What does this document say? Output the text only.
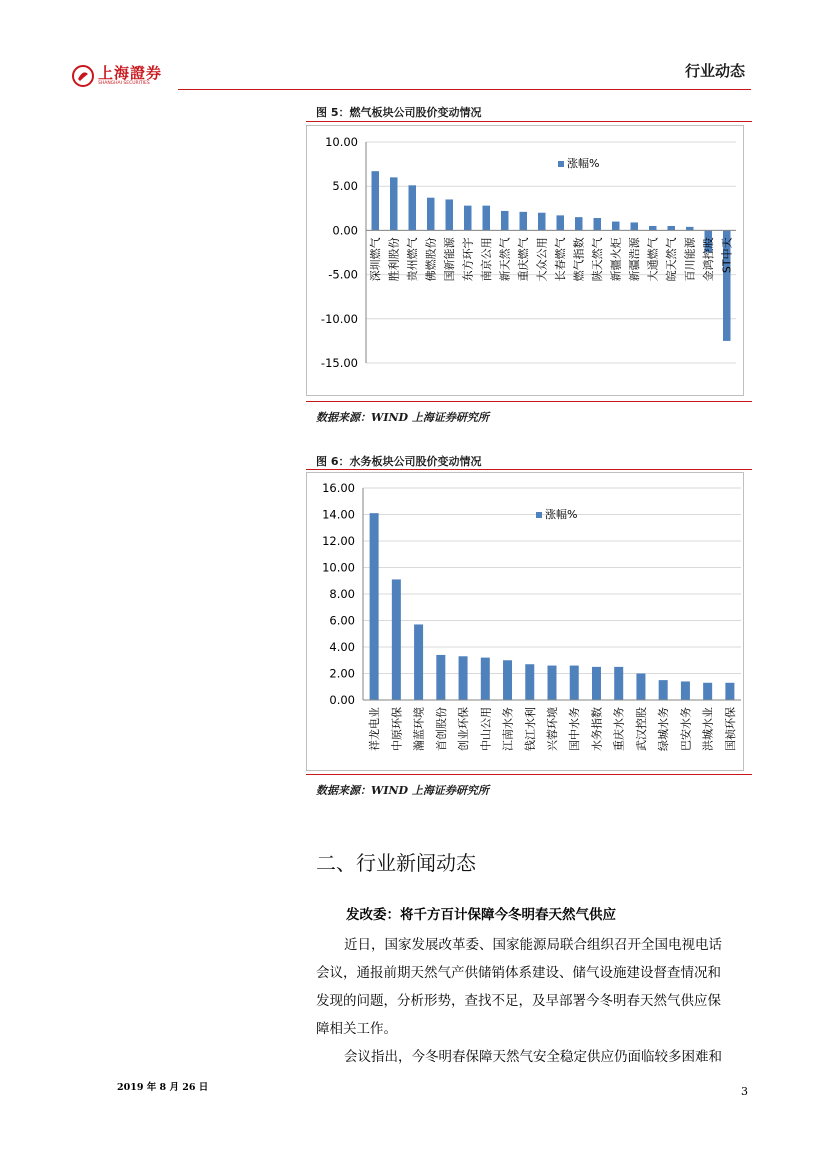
上海證券
SHANGHAI SECURITIES
行业动态
图 5：燃气板块公司股价变动情况
10.00
5.00
0.00
-5.00
-10.00
-15.00
深圳燃气 胜利股份 贵州燃气 佛燃股份 国新能源 东方环宇 南京公用 新天然气 重庆燃气 大众公用 长春燃气 燃气指数 陕天然气 新疆火炬 新疆浩源 大通燃气 皖天然气 百川能源 金鸿控股 ST中天
涨幅%
数据来源：WIND 上海证券研究所
图 6：水务板块公司股价变动情况
16.00
14.00
12.00
10.00
8.00
6.00
4.00
2.00
0.00
祥龙电业 中原环保 瀚蓝环境 首创股份 创业环保 中山公用 江南水务 钱江水利 兴蓉环境 国中水务 水务指数 重庆水务 武汉控股 绿城水务 巴安水务 洪城水业 国祯环保
涨幅%
数据来源：WIND 上海证券研究所
二、行业新闻动态
发改委：将千方百计保障今冬明春天然气供应
近日，国家发展改革委、国家能源局联合组织召开全国电视电话
会议，通报前期天然气产供储销体系建设、储气设施建设督查情况和
发现的问题，分析形势，查找不足，及早部署今冬明春天然气供应保
障相关工作。
会议指出，今冬明春保障天然气安全稳定供应仍面临较多困难和
2019 年 8 月 26 日	3
